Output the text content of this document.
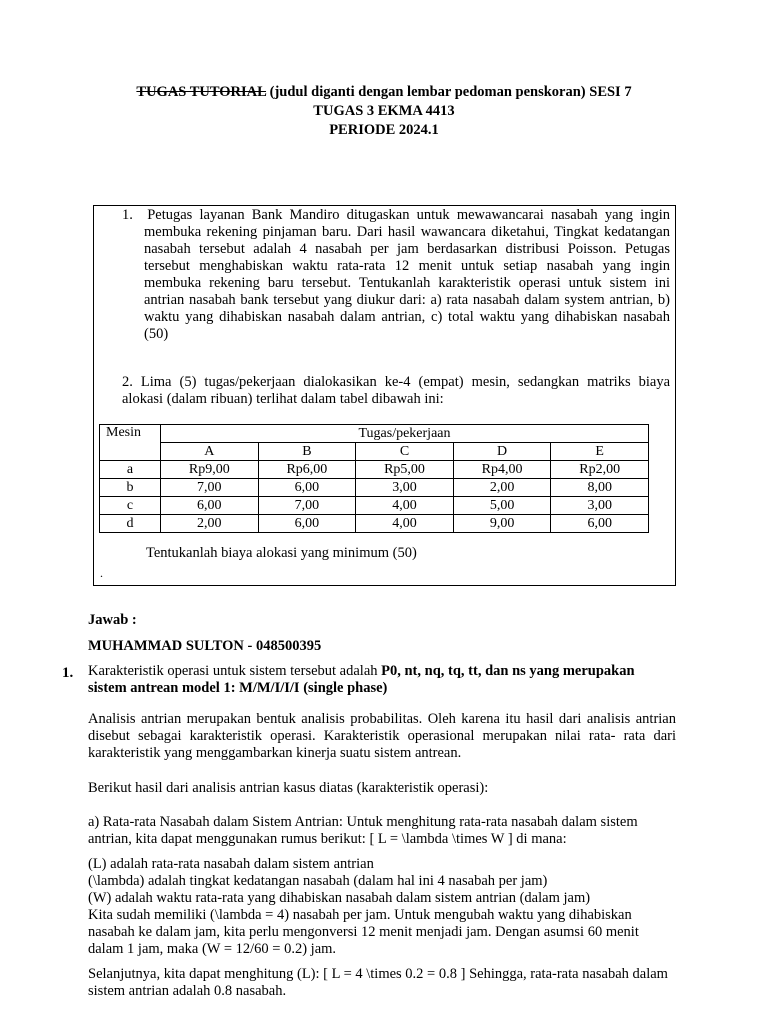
TUGAS TUTORIAL (judul diganti dengan lembar pedoman penskoran) SESI 7
TUGAS 3 EKMA 4413
PERIODE 2024.1
1. Petugas layanan Bank Mandiro ditugaskan untuk mewawancarai nasabah yang ingin membuka rekening pinjaman baru. Dari hasil wawancara diketahui, Tingkat kedatangan nasabah tersebut adalah 4 nasabah per jam berdasarkan distribusi Poisson. Petugas tersebut menghabiskan waktu rata-rata 12 menit untuk setiap nasabah yang ingin membuka rekening baru tersebut. Tentukanlah karakteristik operasi untuk sistem ini antrian nasabah bank tersebut yang diukur dari: a) rata nasabah dalam system antrian, b) waktu yang dihabiskan nasabah dalam antrian, c) total waktu yang dihabiskan nasabah (50)
2. Lima (5) tugas/pekerjaan dialokasikan ke-4 (empat) mesin, sedangkan matriks biaya alokasi (dalam ribuan) terlihat dalam tabel dibawah ini:
Mesin	Tugas/pekerjaan				
	A	B	C	D	E
a	Rp9,00	Rp6,00	Rp5,00	Rp4,00	Rp2,00
b	7,00	6,00	3,00	2,00	8,00
c	6,00	7,00	4,00	5,00	3,00
d	2,00	6,00	4,00	9,00	6,00
Tentukanlah biaya alokasi yang minimum (50)
.
Jawab :
MUHAMMAD SULTON - 048500395
1. Karakteristik operasi untuk sistem tersebut adalah P0, nt, nq, tq, tt, dan ns yang merupakan sistem antrean model 1: M/M/I/I/I (single phase)
Analisis antrian merupakan bentuk analisis probabilitas. Oleh karena itu hasil dari analisis antrian disebut sebagai karakteristik operasi. Karakteristik operasional merupakan nilai rata- rata dari karakteristik yang menggambarkan kinerja suatu sistem antrean.
Berikut hasil dari analisis antrian kasus diatas (karakteristik operasi):
a) Rata-rata Nasabah dalam Sistem Antrian: Untuk menghitung rata-rata nasabah dalam sistem antrian, kita dapat menggunakan rumus berikut: [ L = \lambda \times W ] di mana:
(L) adalah rata-rata nasabah dalam sistem antrian
(\lambda) adalah tingkat kedatangan nasabah (dalam hal ini 4 nasabah per jam)
(W) adalah waktu rata-rata yang dihabiskan nasabah dalam sistem antrian (dalam jam)
Kita sudah memiliki (\lambda = 4) nasabah per jam. Untuk mengubah waktu yang dihabiskan nasabah ke dalam jam, kita perlu mengonversi 12 menit menjadi jam. Dengan asumsi 60 menit dalam 1 jam, maka (W = 12/60 = 0.2) jam.
Selanjutnya, kita dapat menghitung (L): [ L = 4 \times 0.2 = 0.8 ] Sehingga, rata-rata nasabah dalam sistem antrian adalah 0.8 nasabah.
